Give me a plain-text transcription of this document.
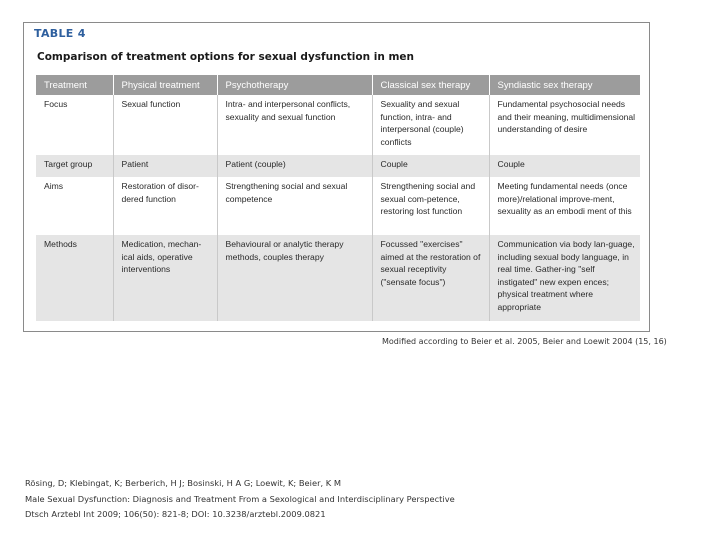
TABLE 4
Comparison of treatment options for sexual dysfunction in men
Treatment	Physical treatment	Psychotherapy	Classical sex therapy	Syndiastic sex therapy
Focus	Sexual function	Intra- and interpersonal conflicts, sexuality and sexual function	Sexuality and sexual function, intra- and interpersonal (couple) conflicts	Fundamental psychosocial needs and their meaning, multidimensional understanding of desire
Target group	Patient	Patient (couple)	Couple	Couple
Aims	Restoration of disor-dered function	Strengthening social and sexual competence	Strengthening social and sexual com-petence, restoring lost function	Meeting fundamental needs (once more)/relational improve-ment, sexuality as an embodi ment of this
Methods	Medication, mechan-ical aids, operative interventions	Behavioural or analytic therapy methods, couples therapy	Focussed "exercises" aimed at the restoration of sexual receptivity ("sensate focus")	Communication via body lan-guage, including sexual body language, in real time. Gather-ing "self instigated" new expen ences; physical treatment where appropriate
Modified according to Beier et al. 2005, Beier and Loewit 2004 (15, 16)
Rösing, D; Klebingat, K; Berberich, H J; Bosinski, H A G; Loewit, K; Beier, K M
Male Sexual Dysfunction: Diagnosis and Treatment From a Sexological and Interdisciplinary Perspective
Dtsch Arztebl Int 2009; 106(50): 821-8; DOI: 10.3238/arztebl.2009.0821
